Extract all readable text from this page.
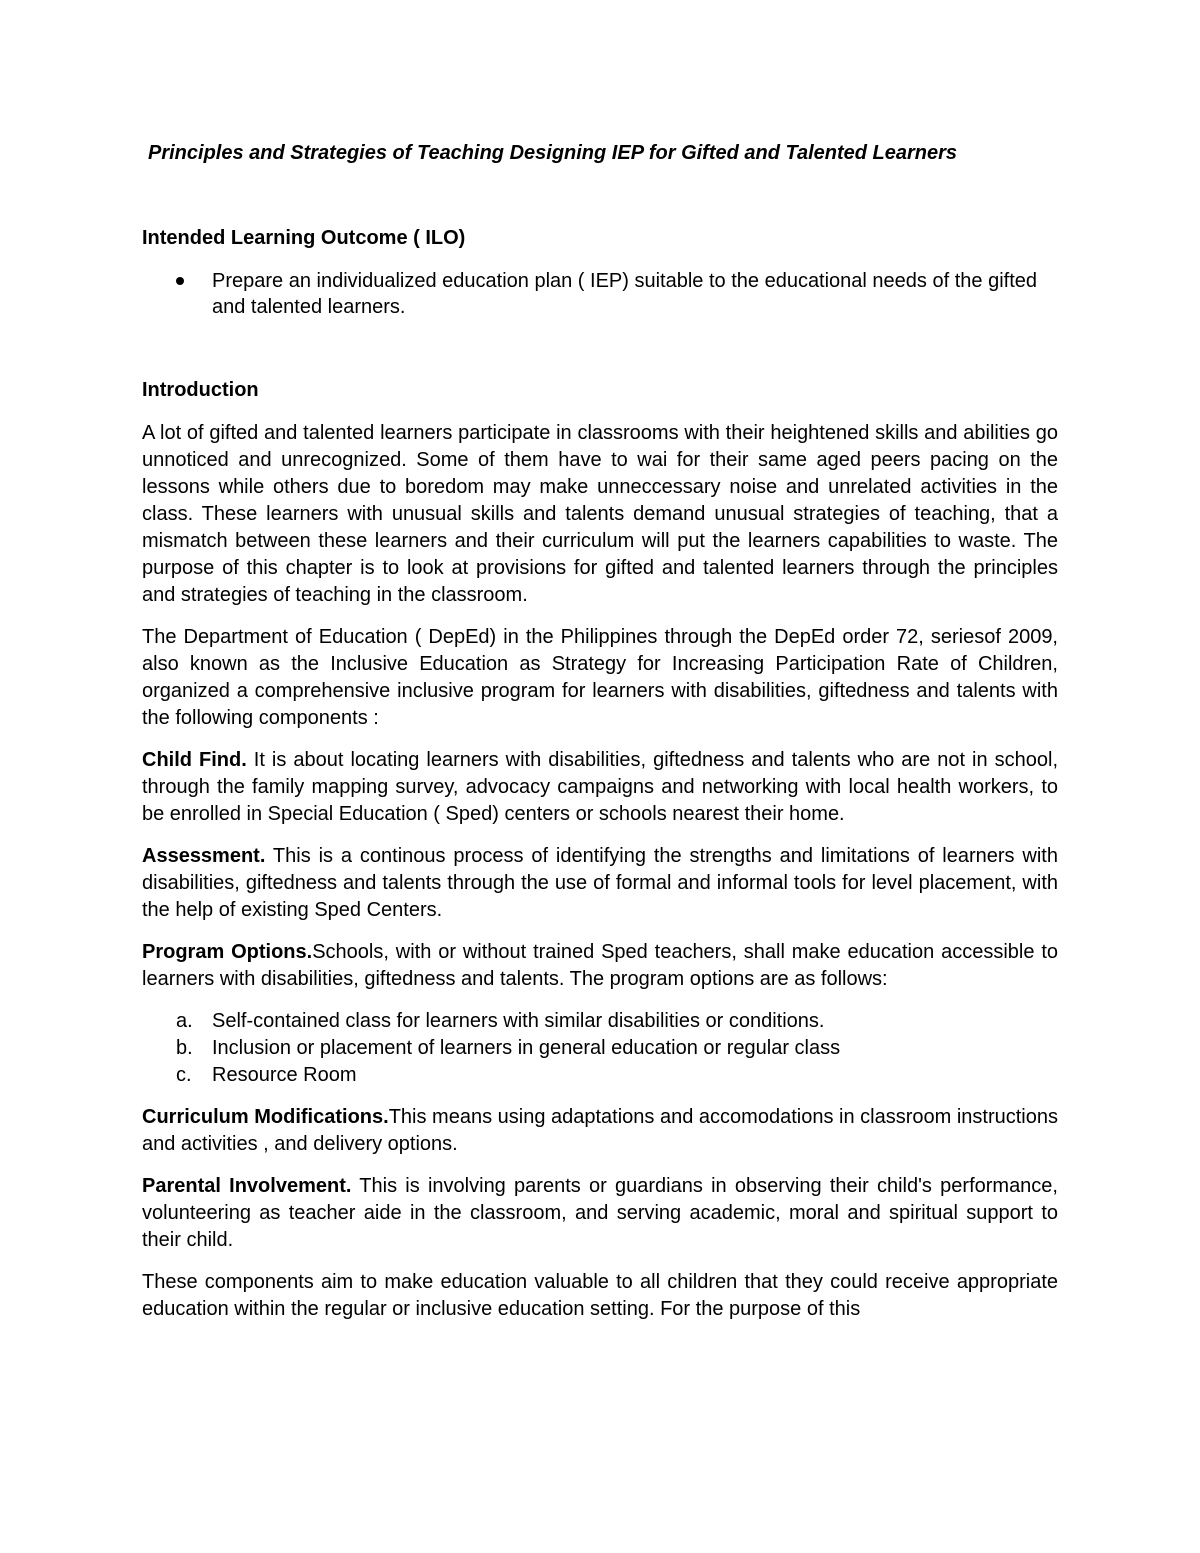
Principles and Strategies of Teaching Designing IEP for Gifted and Talented Learners
Intended Learning Outcome ( ILO)
Prepare an individualized education plan ( IEP) suitable to the educational needs of the gifted and talented learners.
Introduction

A lot of gifted and talented learners participate in classrooms with their heightened skills and abilities go unnoticed and unrecognized. Some of them have to wai for their same aged peers pacing on the lessons while others due to boredom may make unneccessary noise and unrelated activities in the class. These learners with unusual skills and talents demand unusual strategies of teaching, that a mismatch between these learners and their curriculum will put the learners capabilities to waste. The purpose of this chapter is to look at provisions for gifted and talented learners through the principles and strategies of teaching in the classroom.

The Department of Education ( DepEd) in the Philippines through the DepEd order 72, seriesof 2009, also known as the Inclusive Education as Strategy for Increasing Participation Rate of Children, organized a comprehensive inclusive program for learners with disabilities, giftedness and talents with the following components :

Child Find. It is about locating learners with disabilities, giftedness and talents who are not in school, through the family mapping survey, advocacy campaigns and networking with local health workers, to be enrolled in Special Education ( Sped) centers or schools nearest their home.

Assessment. This is a continous process of identifying the strengths and limitations of learners with disabilities, giftedness and talents through the use of formal and informal tools for level placement, with the help of existing Sped Centers.

Program Options.Schools, with or without trained Sped teachers, shall make education accessible to learners with disabilities, giftedness and talents. The program options are as follows:

a. Self-contained class for learners with similar disabilities or conditions.
b. Inclusion or placement of learners in general education or regular class
c. Resource Room

Curriculum Modifications.This means using adaptations and accomodations in classroom instructions and activities , and delivery options.

Parental Involvement. This is involving parents or guardians in observing their child's performance, volunteering as teacher aide in the classroom, and serving academic, moral and spiritual support to their child.

These components aim to make education valuable to all children that they could receive appropriate education within the regular or inclusive education setting. For the purpose of this
